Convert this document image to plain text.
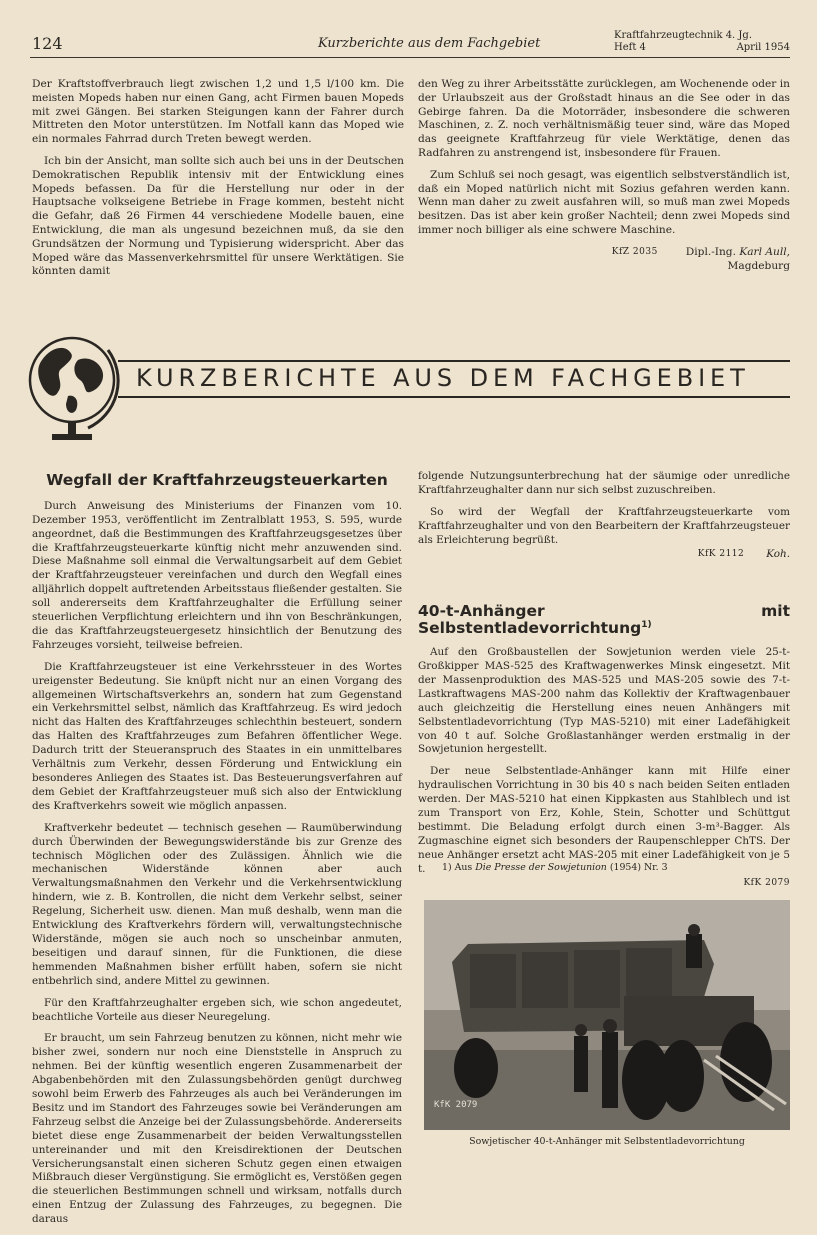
124	Kurzberichte aus dem Fachgebiet
Kraftfahrzeugtechnik 4. Jg.
Heft 4	April 1954

Der Kraftstoffverbrauch liegt zwischen 1,2 und 1,5 l/100 km. Die meisten Mopeds haben nur einen Gang, acht Firmen bauen Mopeds mit zwei Gängen. Bei starken Steigungen kann der Fahrer durch Mittreten den Motor unterstützen. Im Notfall kann das Moped wie ein normales Fahrrad durch Treten bewegt werden.

Ich bin der Ansicht, man sollte sich auch bei uns in der Deutschen Demokratischen Republik intensiv mit der Entwicklung eines Mopeds befassen. Da für die Herstellung nur oder in der Hauptsache volkseigene Betriebe in Frage kommen, besteht nicht die Gefahr, daß 26 Firmen 44 verschiedene Modelle bauen, eine Entwicklung, die man als ungesund bezeichnen muß, da sie den Grundsätzen der Normung und Typisierung widerspricht. Aber das Moped wäre das Massenverkehrsmittel für unsere Werktätigen. Sie könnten damit

den Weg zu ihrer Arbeitsstätte zurücklegen, am Wochenende oder in der Urlaubszeit aus der Großstadt hinaus an die See oder in das Gebirge fahren. Da die Motorräder, insbesondere die schweren Maschinen, z. Z. noch verhältnismäßig teuer sind, wäre das Moped das geeignete Kraftfahrzeug für viele Werktätige, denen das Radfahren zu anstrengend ist, insbesondere für Frauen.

Zum Schluß sei noch gesagt, was eigentlich selbstverständlich ist, daß ein Moped natürlich nicht mit Sozius gefahren werden kann. Wenn man daher zu zweit ausfahren will, so muß man zwei Mopeds besitzen. Das ist aber kein großer Nachteil; denn zwei Mopeds sind immer noch billiger als eine schwere Maschine.

KfZ 2035	Dipl.-Ing. Karl Aull,

Magdeburg
KURZBERICHTE AUS DEM FACHGEBIET
Wegfall der Kraftfahrzeugsteuerkarten

Durch Anweisung des Ministeriums der Finanzen vom 10. Dezember 1953, veröffentlicht im Zentralblatt 1953, S. 595, wurde angeordnet, daß die Bestimmungen des Kraftfahrzeugsgesetzes über die Kraftfahrzeugsteuerkarte künftig nicht mehr anzuwenden sind. Diese Maßnahme soll einmal die Verwaltungsarbeit auf dem Gebiet der Kraftfahrzeugsteuer vereinfachen und durch den Wegfall eines alljährlich doppelt auftretenden Arbeitsstaus fließender gestalten. Sie soll andererseits dem Kraftfahrzeughalter die Erfüllung seiner steuerlichen Verpflichtung erleichtern und ihn von Beschränkungen, die das Kraftfahrzeugsteuergesetz hinsichtlich der Benutzung des Fahrzeuges vorsieht, teilweise befreien.

Die Kraftfahrzeugsteuer ist eine Verkehrssteuer in des Wortes ureigenster Bedeutung. Sie knüpft nicht nur an einen Vorgang des allgemeinen Wirtschaftsverkehrs an, sondern hat zum Gegenstand ein Verkehrsmittel selbst, nämlich das Kraftfahrzeug. Es wird jedoch nicht das Halten des Kraftfahrzeuges schlechthin besteuert, sondern das Halten des Kraftfahrzeuges zum Befahren öffentlicher Wege. Dadurch tritt der Steueranspruch des Staates in ein unmittelbares Verhältnis zum Verkehr, dessen Förderung und Entwicklung ein besonderes Anliegen des Staates ist. Das Besteuerungsverfahren auf dem Gebiet der Kraftfahrzeugsteuer muß sich also der Entwicklung des Kraftverkehrs soweit wie möglich anpassen.

Kraftverkehr bedeutet — technisch gesehen — Raumüberwindung durch Überwinden der Bewegungswiderstände bis zur Grenze des technisch Möglichen oder des Zulässigen. Ähnlich wie die mechanischen Widerstände können aber auch Verwaltungsmaßnahmen den Verkehr und die Verkehrsentwicklung hindern, wie z. B. Kontrollen, die nicht dem Verkehr selbst, seiner Regelung, Sicherheit usw. dienen. Man muß deshalb, wenn man die Entwicklung des Kraftverkehrs fördern will, verwaltungstechnische Widerstände, mögen sie auch noch so unscheinbar anmuten, beseitigen und darauf sinnen, für die Funktionen, die diese hemmenden Maßnahmen bisher erfüllt haben, sofern sie nicht entbehrlich sind, andere Mittel zu gewinnen.

Für den Kraftfahrzeughalter ergeben sich, wie schon angedeutet, beachtliche Vorteile aus dieser Neuregelung.

Er braucht, um sein Fahrzeug benutzen zu können, nicht mehr wie bisher zwei, sondern nur noch eine Dienststelle in Anspruch zu nehmen. Bei der künftig wesentlich engeren Zusammenarbeit der Abgabenbehörden mit den Zulassungsbehörden genügt durchweg sowohl beim Erwerb des Fahrzeuges als auch bei Veränderungen im Besitz und im Standort des Fahrzeuges sowie bei Veränderungen am Fahrzeug selbst die Anzeige bei der Zulassungsbehörde. Andererseits bietet diese enge Zusammenarbeit der beiden Verwaltungsstellen untereinander und mit den Kreisdirektionen der Deutschen Versicherungsanstalt einen sicheren Schutz gegen einen etwaigen Mißbrauch dieser Vergünstigung. Sie ermöglicht es, Verstößen gegen die steuerlichen Bestimmungen schnell und wirksam, notfalls durch einen Entzug der Zulassung des Fahrzeuges, zu begegnen. Die daraus

folgende Nutzungsunterbrechung hat der säumige oder unredliche Kraftfahrzeughalter dann nur sich selbst zuzuschreiben.

So wird der Wegfall der Kraftfahrzeugsteuerkarte vom Kraftfahrzeughalter und von den Bearbeitern der Kraftfahrzeugsteuer als Erleichterung begrüßt.

KfK 2112 Koh.
40-t-Anhänger mit Selbstentladevorrichtung$^{1)}$

Auf den Großbaustellen der Sowjetunion werden viele 25-t-Großkipper MAS-525 des Kraftwagenwerkes Minsk eingesetzt. Mit der Massenproduktion des MAS-525 und MAS-205 sowie des 7-t-Lastkraftwagens MAS-200 nahm das Kollektiv der Kraftwagenbauer auch gleichzeitig die Herstellung eines neuen Anhängers mit Selbstentladevorrichtung (Typ MAS-5210) mit einer Ladefähigkeit von 40 t auf. Solche Großlastanhänger werden erstmalig in der Sowjetunion hergestellt.

Der neue Selbstentlade-Anhänger kann mit Hilfe einer hydraulischen Vorrichtung in 30 bis 40 s nach beiden Seiten entladen werden. Der MAS-5210 hat einen Kippkasten aus Stahlblech und ist zum Transport von Erz, Kohle, Stein, Schotter und Schüttgut bestimmt. Die Beladung erfolgt durch einen 3-m³-Bagger. Als Zugmaschine eignet sich besonders der Raupenschlepper ChTS. Der neue Anhänger ersetzt acht MAS-205 mit einer Ladefähigkeit von je 5 t.

KfK 2079
1) Aus Die Presse der Sowjetunion (1954) Nr. 3
KfK 2079
Sowjetischer 40-t-Anhänger mit Selbstentladevorrichtung
